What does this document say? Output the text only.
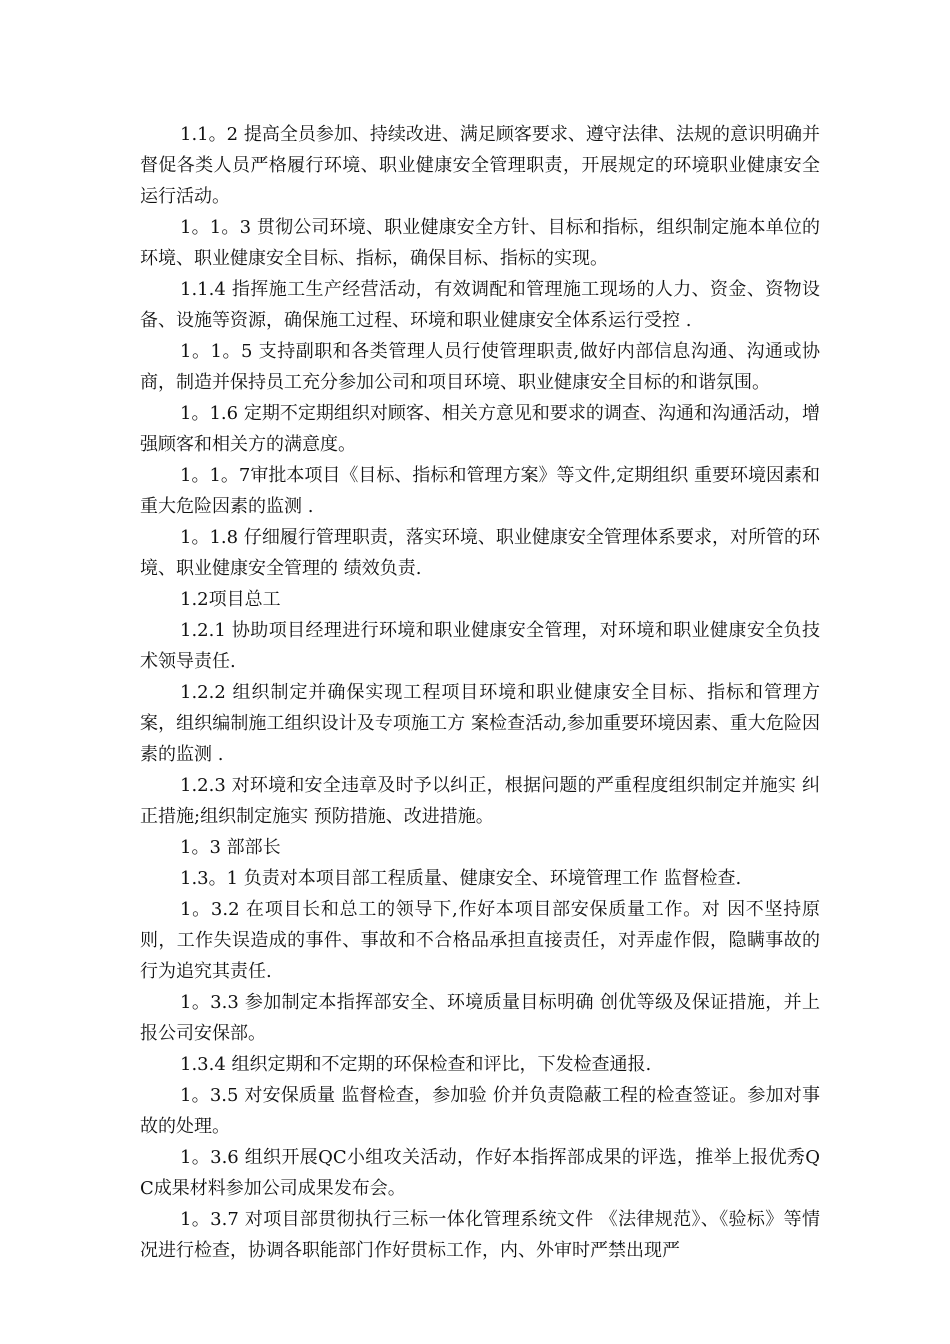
1.1。2 提高全员参加、持续改进、满足顾客要求、遵守法律、法规的意识明确并督促各类人员严格履行环境、职业健康安全管理职责，开展规定的环境职业健康安全运行活动。

1。1。3 贯彻公司环境、职业健康安全方针、目标和指标，组织制定施本单位的环境、职业健康安全目标、指标，确保目标、指标的实现。

1.1.4 指挥施工生产经营活动，有效调配和管理施工现场的人力、资金、资物设备、设施等资源，确保施工过程、环境和职业健康安全体系运行受控 .

1。1。5 支持副职和各类管理人员行使管理职责,做好内部信息沟通、沟通或协商，制造并保持员工充分参加公司和项目环境、职业健康安全目标的和谐氛围。

1。1.6 定期不定期组织对顾客、相关方意见和要求的调查、沟通和沟通活动，增强顾客和相关方的满意度。

1。1。7审批本项目《目标、指标和管理方案》等文件,定期组织 重要环境因素和重大危险因素的监测 .

1。1.8 仔细履行管理职责，落实环境、职业健康安全管理体系要求，对所管的环境、职业健康安全管理的 绩效负责.

1.2项目总工

1.2.1 协助项目经理进行环境和职业健康安全管理，对环境和职业健康安全负技术领导责任.

1.2.2 组织制定并确保实现工程项目环境和职业健康安全目标、指标和管理方案，组织编制施工组织设计及专项施工方 案检查活动,参加重要环境因素、重大危险因素的监测 .

1.2.3 对环境和安全违章及时予以纠正，根据问题的严重程度组织制定并施实 纠正措施;组织制定施实 预防措施、改进措施。

1。3 部部长

1.3。1 负责对本项目部工程质量、健康安全、环境管理工作 监督检查.

1。3.2 在项目长和总工的领导下,作好本项目部安保质量工作。对 因不坚持原则，工作失误造成的事件、事故和不合格品承担直接责任，对弄虚作假，隐瞒事故的行为追究其责任.

1。3.3 参加制定本指挥部安全、环境质量目标明确 创优等级及保证措施，并上报公司安保部。

1.3.4 组织定期和不定期的环保检查和评比，下发检查通报.

1。3.5 对安保质量 监督检查，参加验 价并负责隐蔽工程的检查签证。参加对事故的处理。

1。3.6 组织开展QC小组攻关活动，作好本指挥部成果的评选，推举上报优秀QC成果材料参加公司成果发布会。

1。3.7 对项目部贯彻执行三标一体化管理系统文件 《法律规范》、《验标》等情况进行检查，协调各职能部门作好贯标工作，内、外审时严禁出现严
